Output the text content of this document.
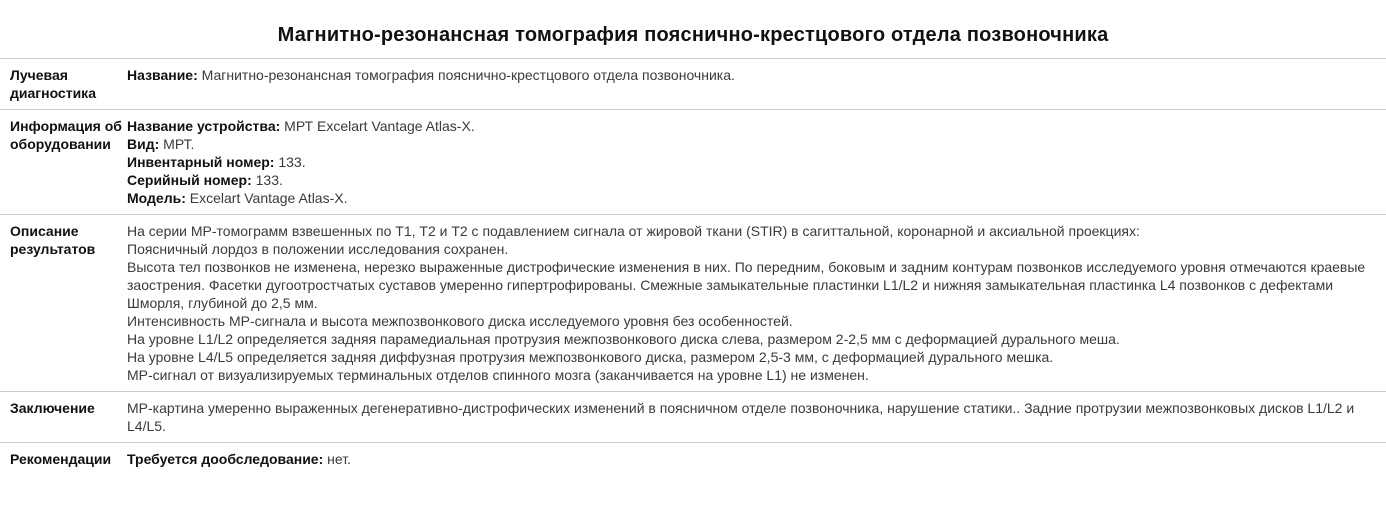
Магнитно-резонансная томография пояснично-крестцового отдела позвоночника
Лучевая диагностика
Название: Магнитно-резонансная томография пояснично-крестцового отдела позвоночника.
Информация об оборудовании
Название устройства: МРТ Excelart Vantage Atlas-X.
Вид: МРТ.
Инвентарный номер: 133.
Серийный номер: 133.
Модель: Excelart Vantage Atlas-X.
Описание результатов
На серии МР-томограмм взвешенных по Т1, Т2 и Т2 с подавлением сигнала от жировой ткани (STIR) в сагиттальной, коронарной и аксиальной проекциях:
Поясничный лордоз в положении исследования сохранен.
Высота тел позвонков не изменена, нерезко выраженные дистрофические изменения в них. По передним, боковым и задним контурам позвонков исследуемого уровня отмечаются краевые заострения. Фасетки дугоотростчатых суставов умеренно гипертрофированы. Смежные замыкательные пластинки L1/L2 и нижняя замыкательная пластинка L4 позвонков с дефектами Шморля, глубиной до 2,5 мм.
Интенсивность МР-сигнала и высота межпозвонкового диска исследуемого уровня без особенностей.
На уровне L1/L2 определяется задняя парамедиальная протрузия межпозвонкового диска слева, размером 2-2,5 мм с деформацией дурального меша.
На уровне L4/L5 определяется задняя диффузная протрузия межпозвонкового диска, размером 2,5-3 мм, с деформацией дурального мешка.
МР-сигнал от визуализируемых терминальных отделов спинного мозга (заканчивается на уровне L1) не изменен.
Заключение	МР-картина умеренно выраженных дегенеративно-дистрофических изменений в поясничном отделе позвоночника, нарушение статики.. Задние протрузии межпозвонковых дисков L1/L2 и L4/L5.
Рекомендации	Требуется дообследование: нет.
